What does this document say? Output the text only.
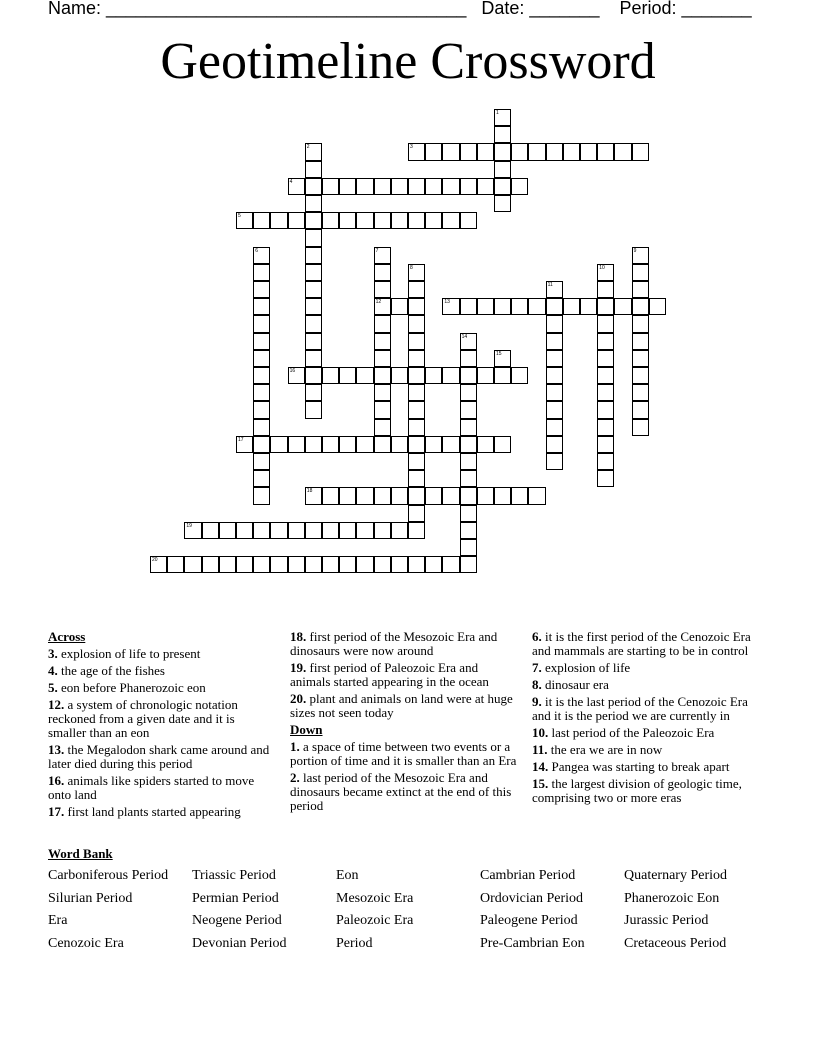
Name: ____________________________________   Date: _______    Period: _______
Geotimeline Crossword
1
2	3
4
5
6	7
12
8
9
10
11
13
14
15
16
17
18
19
20
Across
3. explosion of life to present
4. the age of the fishes
5. eon before Phanerozoic eon
12. a system of chronologic notation reckoned from a given date and it is smaller than an eon
13. the Megalodon shark came around and later died during this period
16. animals like spiders started to move onto land
17. first land plants started appearing
18. first period of the Mesozoic Era and dinosaurs were now around
19. first period of Paleozoic Era and animals started appearing in the ocean
20. plant and animals on land were at huge sizes not seen today
Down
1. a space of time between two events or a portion of time and it is smaller than an Era
2. last period of the Mesozoic Era and dinosaurs became extinct at the end of this period
6. it is the first period of the Cenozoic Era and mammals are starting to be in control
7. explosion of life
8. dinosaur era
9. it is the last period of the Cenozoic Era and it is the period we are currently in
10. last period of the Paleozoic Era
11. the era we are in now
14. Pangea was starting to break apart
15. the largest division of geologic time, comprising two or more eras
Word Bank
Carboniferous Period Triassic Period	Eon	Cambrian Period	Quaternary Period
Silurian Period	Permian Period	Mesozoic Era	Ordovician Period	Phanerozoic Eon
Era	Neogene Period	Paleozoic Era	Paleogene Period	Jurassic Period
Cenozoic Era	Devonian Period	Period	Pre-Cambrian Eon	Cretaceous Period
